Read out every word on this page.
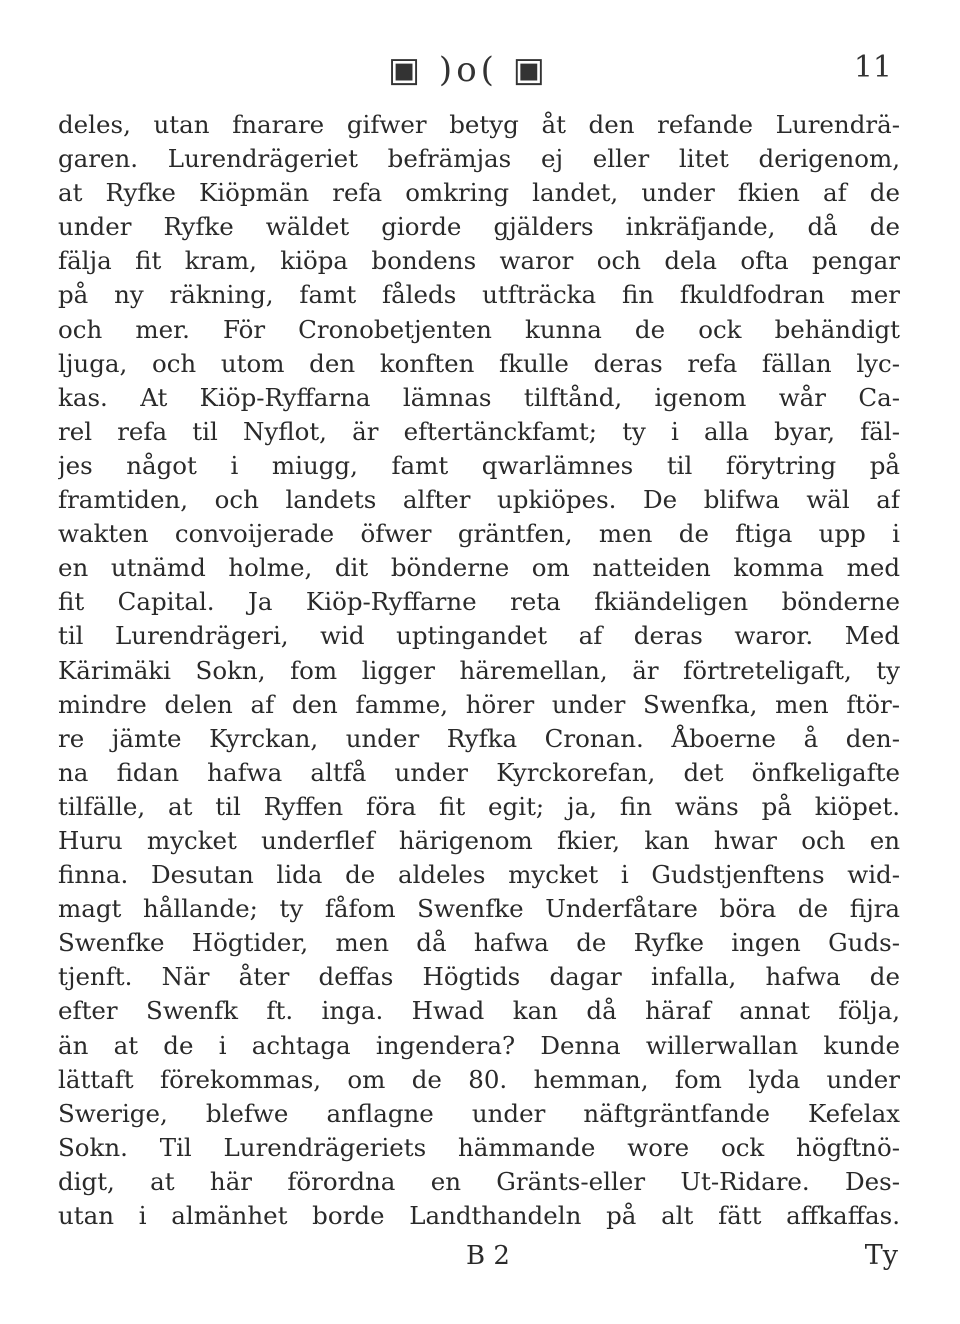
▣ )o( ▣	11
deles, utan fnarare gifwer betyg åt den refande Lurendrä-
garen. Lurendrägeriet befrämjas ej eller litet derigenom,
at Ryfke Kiöpmän refa omkring landet, under fkien af de
under Ryfke wäldet giorde gjälders inkräfjande, då de
fälja fit kram, kiöpa bondens waror och dela ofta pengar
på ny räkning, famt fåleds utfträcka fin fkuldfodran mer
och mer. För Cronobetjenten kunna de ock behändigt
ljuga, och utom den konften fkulle deras refa fällan lyc-
kas. At Kiöp-Ryffarna lämnas tilftånd, igenom wår Ca-
rel refa til Nyflot, är eftertänckfamt; ty i alla byar, fäl-
jes något i miugg, famt qwarlämnes til förytring på
framtiden, och landets alfter upkiöpes. De blifwa wäl af
wakten convoijerade öfwer gräntfen, men de ftiga upp i
en utnämd holme, dit bönderne om natteiden komma med
fit Capital. Ja Kiöp-Ryffarne reta fkiändeligen bönderne
til Lurendrägeri, wid uptingandet af deras waror. Med
Kärimäki Sokn, fom ligger häremellan, är förtreteligaft, ty
mindre delen af den famme, hörer under Swenfka, men ftör-
re jämte Kyrckan, under Ryfka Cronan. Åboerne å den-
na fidan hafwa altfå under Kyrckorefan, det önfkeligafte
tilfälle, at til Ryffen föra fit egit; ja, fin wäns på kiöpet.
Huru mycket underflef härigenom fkier, kan hwar och en
finna. Desutan lida de aldeles mycket i Gudstjenftens wid-
magt hållande; ty fåfom Swenfke Underfåtare böra de fijra
Swenfke Högtider, men då hafwa de Ryfke ingen Guds-
tjenft. När åter deffas Högtids dagar infalla, hafwa de
efter Swenfk ft. inga. Hwad kan då häraf annat följa,
än at de i achtaga ingendera? Denna willerwallan kunde
lättaft förekommas, om de 80. hemman, fom lyda under
Swerige, blefwe anflagne under näftgräntfande Kefelax
Sokn. Til Lurendrägeriets hämmande wore ock högftnö-
digt, at här förordna en Gränts-eller Ut-Ridare. Des-
utan i almänhet borde Landthandeln på alt fätt affkaffas.
B 2	Ty
